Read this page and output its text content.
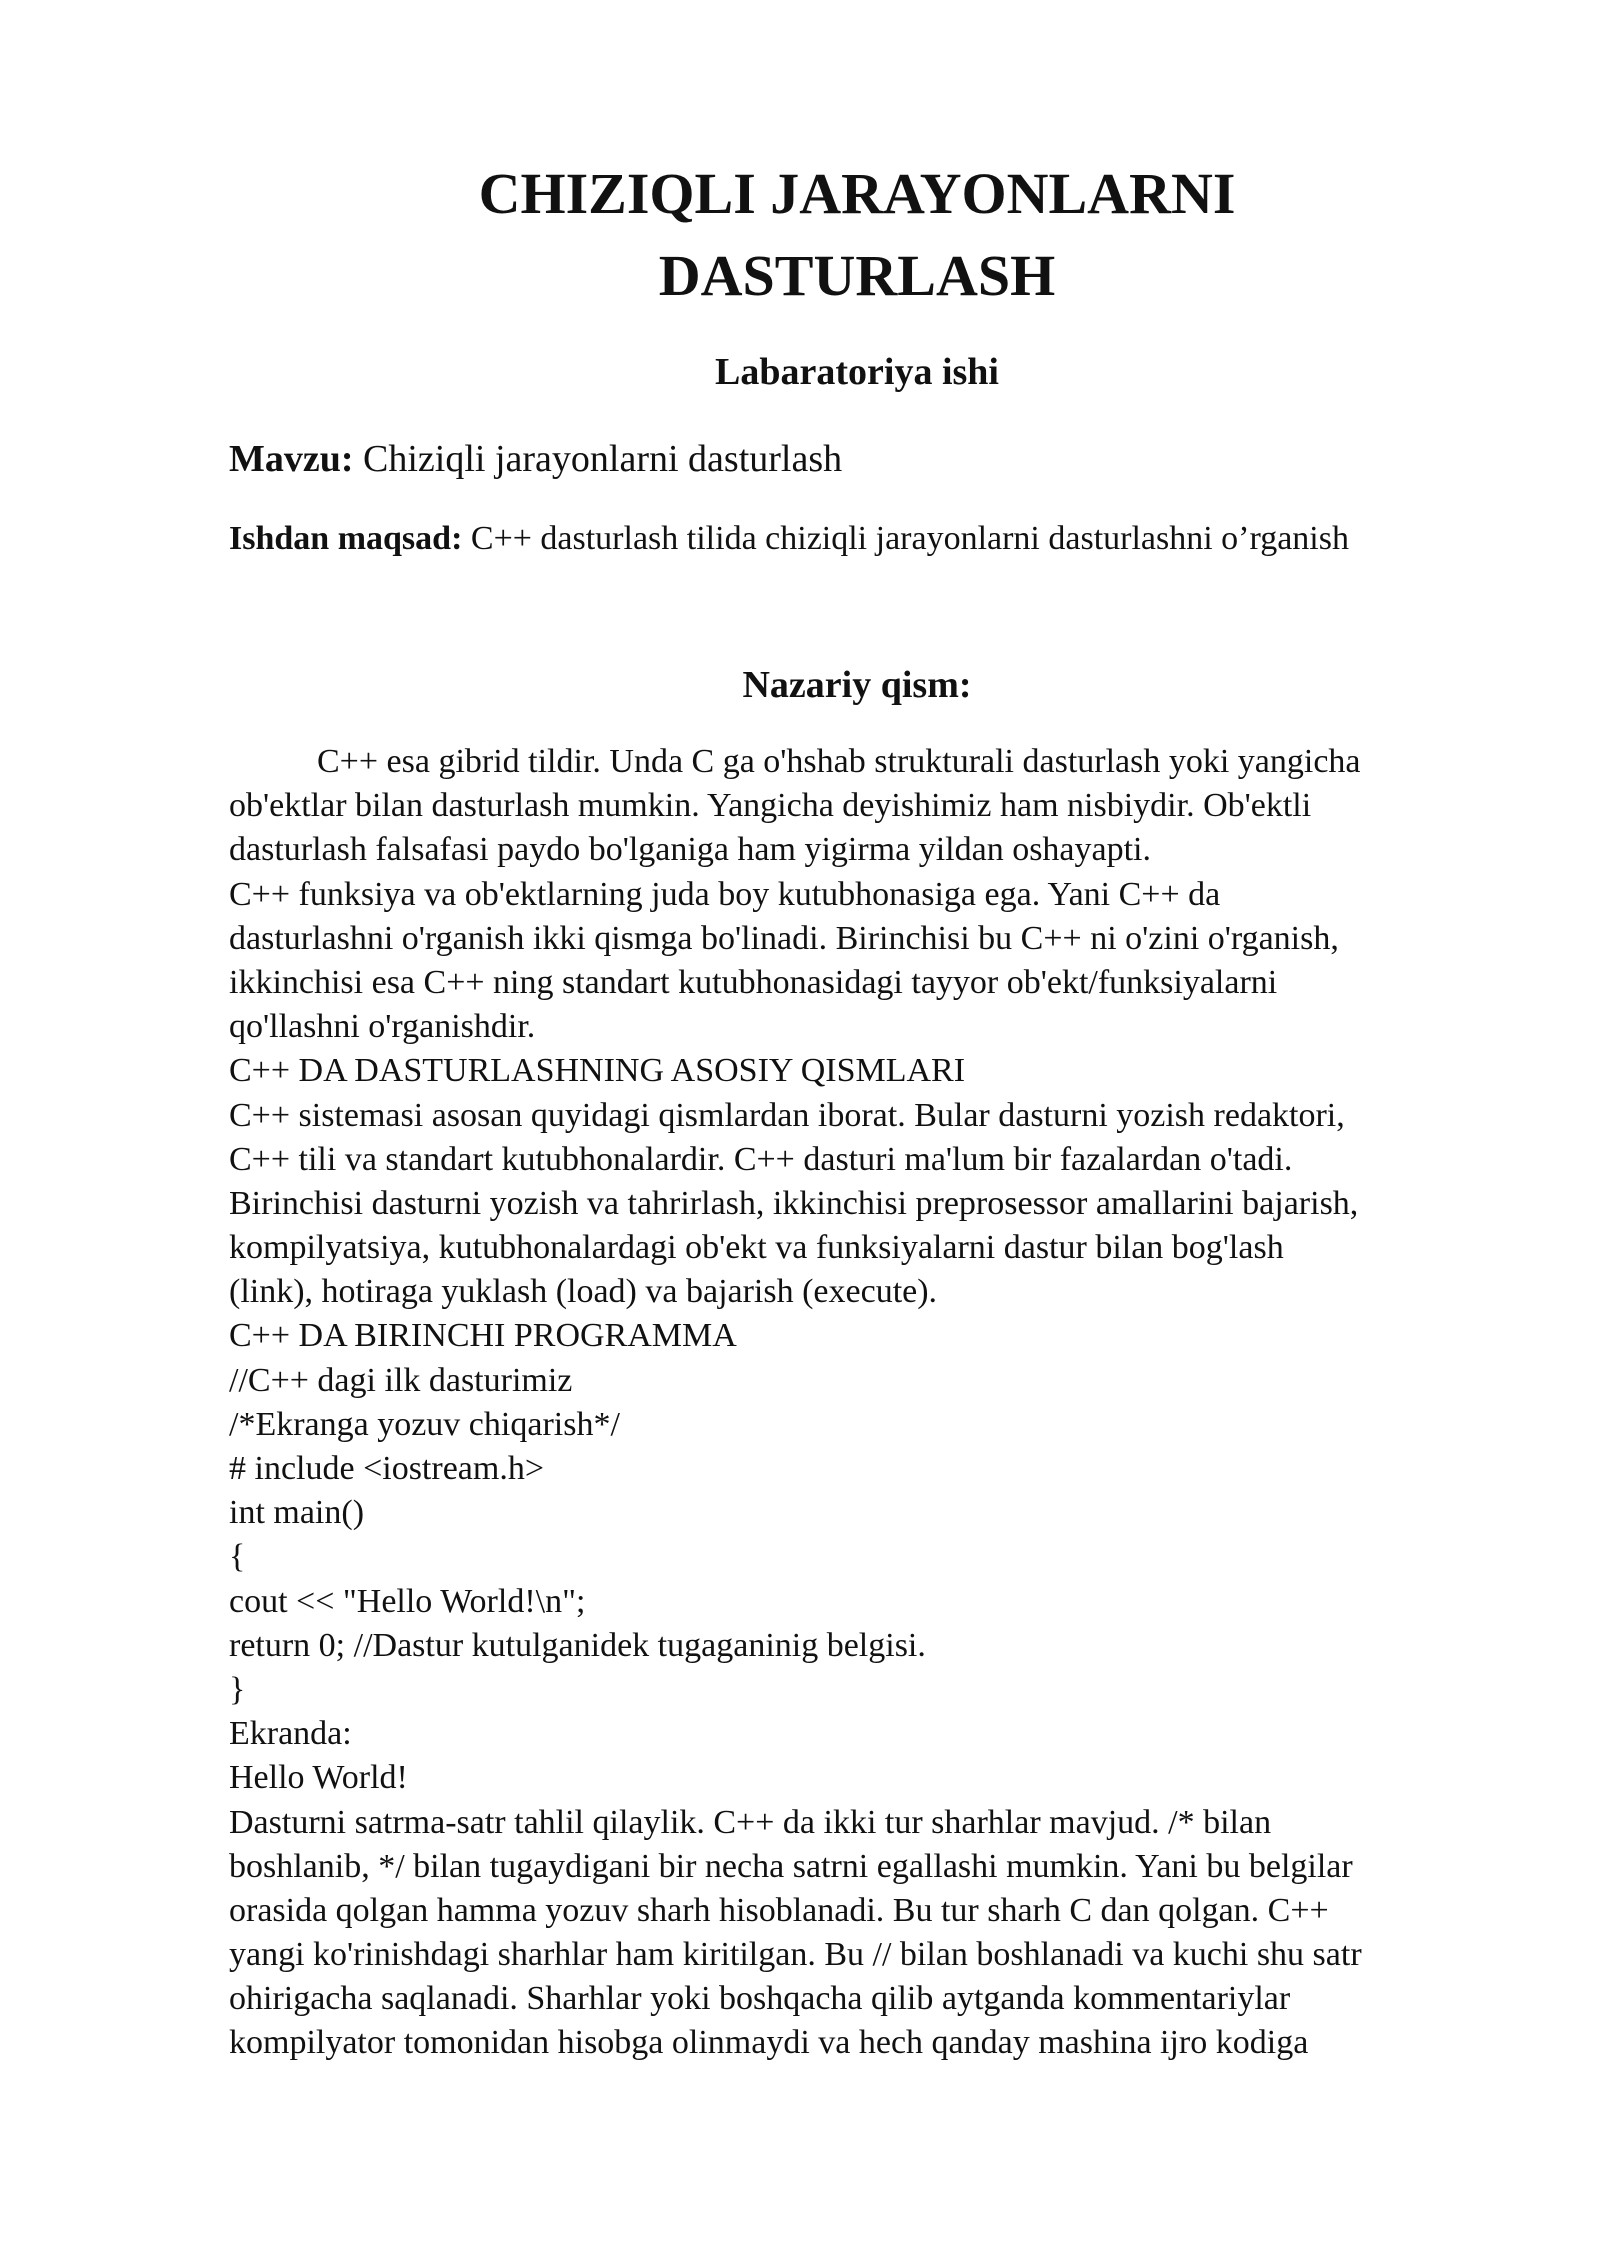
CHIZIQLI JARAYONLARNI
DASTURLASH
Labaratoriya ishi

Mavzu: Chiziqli jarayonlarni dasturlash

Ishdan maqsad: C++ dasturlash tilida chiziqli jarayonlarni dasturlashni o’rganish

Nazariy qism:
C++ esa gibrid tildir. Unda C ga o'hshab strukturali dasturlash yoki yangicha
ob'ektlar bilan dasturlash mumkin. Yangicha deyishimiz ham nisbiydir. Ob'ektli
dasturlash falsafasi paydo bo'lganiga ham yigirma yildan oshayapti.
C++ funksiya va ob'ektlarning juda boy kutubhonasiga ega. Yani C++ da
dasturlashni o'rganish ikki qismga bo'linadi. Birinchisi bu C++ ni o'zini o'rganish,
ikkinchisi esa C++ ning standart kutubhonasidagi tayyor ob'ekt/funksiyalarni
qo'llashni o'rganishdir.
C++ DA DASTURLASHNING ASOSIY QISMLARI
C++ sistemasi asosan quyidagi qismlardan iborat. Bular dasturni yozish redaktori,
C++ tili va standart kutubhonalardir. C++ dasturi ma'lum bir fazalardan o'tadi.
Birinchisi dasturni yozish va tahrirlash, ikkinchisi preprosessor amallarini bajarish,
kompilyatsiya, kutubhonalardagi ob'ekt va funksiyalarni dastur bilan bog'lash
(link), hotiraga yuklash (load) va bajarish (execute).
C++ DA BIRINCHI PROGRAMMA
//C++ dagi ilk dasturimiz
/*Ekranga yozuv chiqarish*/
# include <iostream.h>
int main()
{
cout << "Hello World!\n";
return 0; //Dastur kutulganidek tugaganinig belgisi.
}
Ekranda:
Hello World!
Dasturni satrma-satr tahlil qilaylik. C++ da ikki tur sharhlar mavjud. /* bilan
boshlanib, */ bilan tugaydigani bir necha satrni egallashi mumkin. Yani bu belgilar
orasida qolgan hamma yozuv sharh hisoblanadi. Bu tur sharh C dan qolgan. C++
yangi ko'rinishdagi sharhlar ham kiritilgan. Bu // bilan boshlanadi va kuchi shu satr
ohirigacha saqlanadi. Sharhlar yoki boshqacha qilib aytganda kommentariylar
kompilyator tomonidan hisobga olinmaydi va hech qanday mashina ijro kodiga
